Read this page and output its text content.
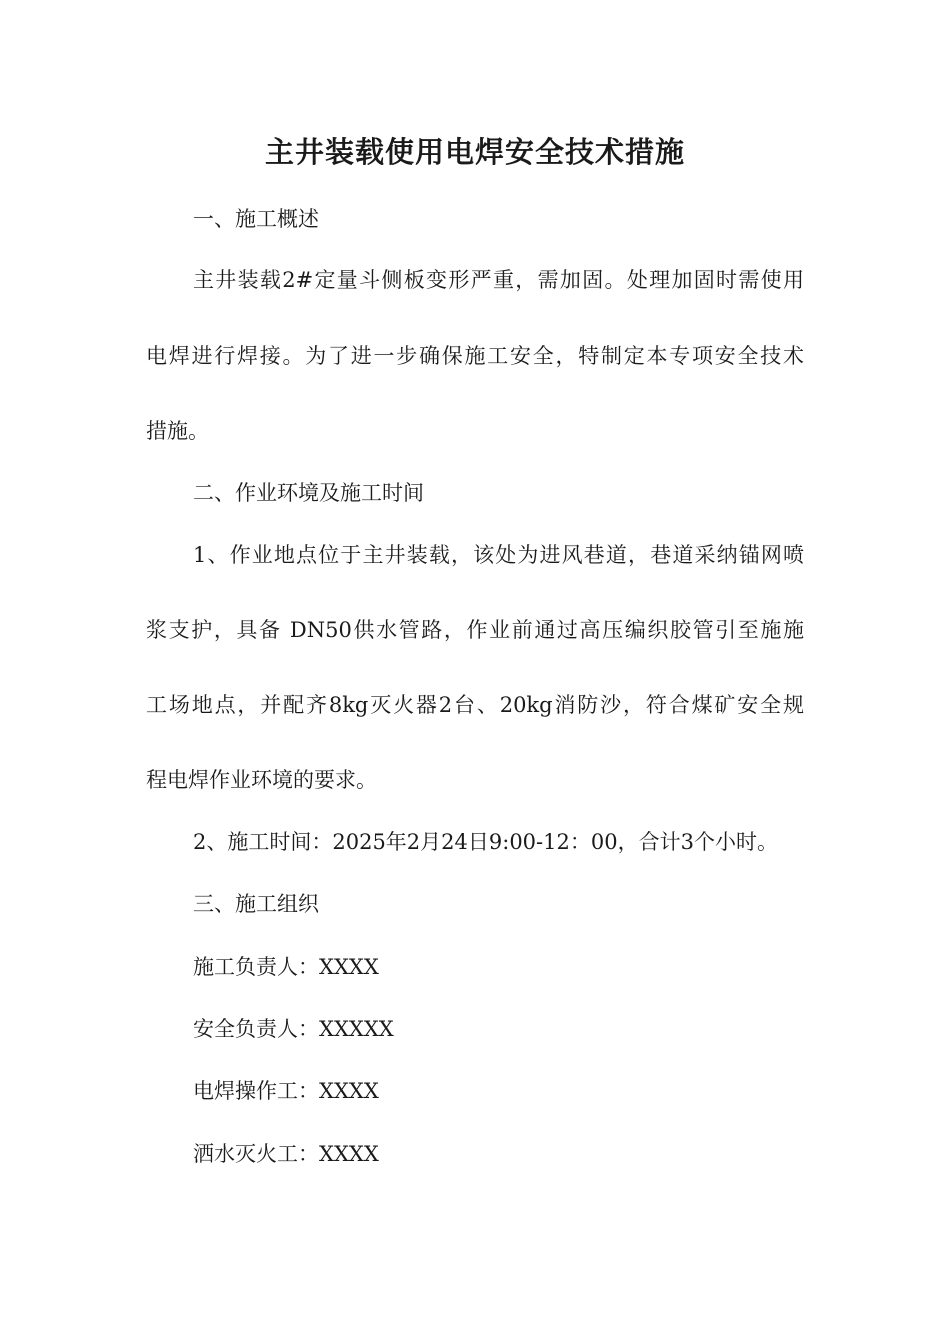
主井装载使用电焊安全技术措施
一、施工概述
主井装载2#定量斗侧板变形严重，需加固。处理加固时需使用
电焊进行焊接。为了进一步确保施工安全，特制定本专项安全技术
措施。
二、作业环境及施工时间
1、作业地点位于主井装载，该处为进风巷道，巷道采纳锚网喷
浆支护，具备 DN50供水管路，作业前通过高压编织胶管引至施施
工场地点，并配齐8kg灭火器2台、20kg消防沙，符合煤矿安全规
程电焊作业环境的要求。
2、施工时间：2025年2月24日9:00-12：00，合计3个小时。
三、施工组织
施工负责人：XXXX
安全负责人：XXXXX
电焊操作工：XXXX
洒水灭火工：XXXX
